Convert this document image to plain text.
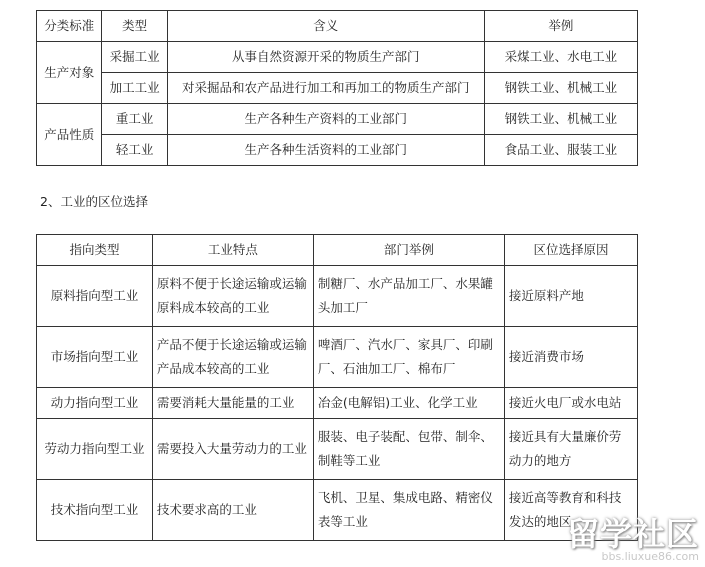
分类标准	类型	含义	举例
生产对象	采掘工业	从事自然资源开采的物质生产部门	采煤工业、水电工业
	加工工业	对采掘品和农产品进行加工和再加工的物质生产部门	钢铁工业、机械工业
产品性质	重工业	生产各种生产资料的工业部门	钢铁工业、机械工业
	轻工业	生产各种生活资料的工业部门	食品工业、服装工业
2、工业的区位选择
指向类型	工业特点	部门举例	区位选择原因
原料指向型工业	原料不便于长途运输或运输原料成本较高的工业	制糖厂、水产品加工厂、水果罐头加工厂	接近原料产地
市场指向型工业	产品不便于长途运输或运输产品成本较高的工业	啤酒厂、汽水厂、家具厂、印刷厂、石油加工厂、棉布厂	接近消费市场
动力指向型工业	需要消耗大量能量的工业	冶金(电解铝)工业、化学工业	接近火电厂或水电站
劳动力指向型工业	需要投入大量劳动力的工业	服装、电子装配、包带、制伞、制鞋等工业	接近具有大量廉价劳动力的地方
技术指向型工业	技术要求高的工业	飞机、卫星、集成电路、精密仪表等工业	接近高等教育和科技发达的地区
留学社区
bbs.liuxue86.com
